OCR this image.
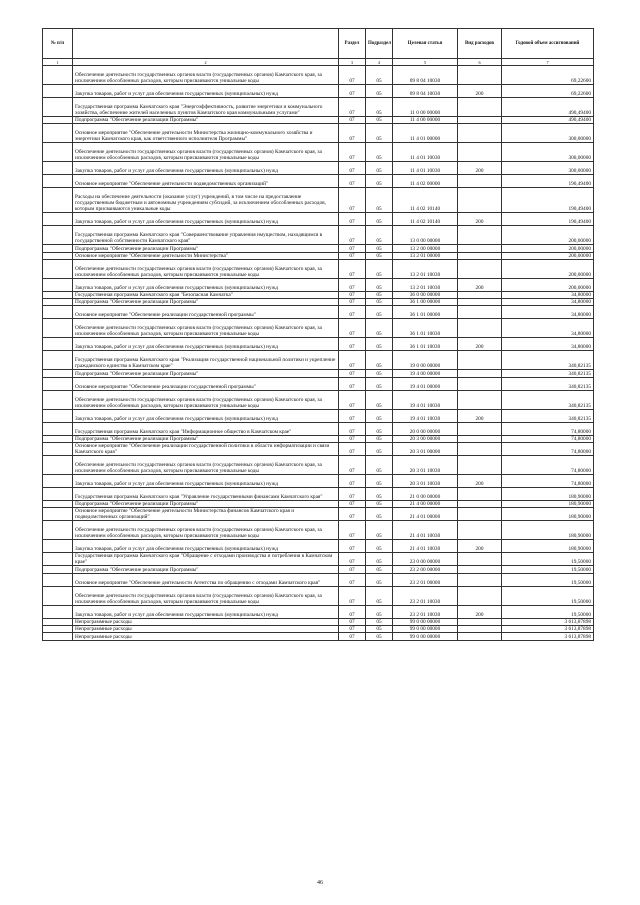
№ п/п		Раздел	Подраздел	Целевая статья	Вид расходов	Годовой объем ассигнований
1	2	3	4	5	6	7
	Обеспечение деятельности государственных органов власти (государственных органов) Камчатского края, за исключением обособленных расходов, которым присваиваются уникальные коды	07	05	09 8 04 10030		69,22600
	Закупка товаров, работ и услуг для обеспечения государственных (муниципальных) нужд	07	05	09 8 04 10030	200	69,22600
	Государственная программа Камчатского края "Энергоэффективность, развитие энергетики и коммунального хозяйства, обеспечение жителей населенных пунктов Камчатского края коммунальными услугами"	07	05	11 0 00 00000		490,49400
	Подпрограмма "Обеспечение реализации Программы"	07	05	11 4 00 00000		490,49400
	Основное мероприятие "Обеспечение деятельности Министерства жилищно-коммунального хозяйства и энергетики Камчатского края, как ответственного исполнителя Программы"	07	05	11 4 01 00000		300,00000
	Обеспечение деятельности государственных органов власти (государственных органов) Камчатского края, за исключением обособленных расходов, которым присваиваются уникальные коды	07	05	11 4 01 10030		300,00000
	Закупка товаров, работ и услуг для обеспечения государственных (муниципальных) нужд	07	05	11 4 01 10030	200	300,00000
	Основное мероприятие "Обеспечение деятельности подведомственных организаций"	07	05	11 4 02 00000		190,49400
	Расходы на обеспечение деятельности (оказание услуг) учреждений, в том числе на предоставление государственным бюджетным и автономным учреждениям субсидий, за исключением обособленных расходов, которым присваиваются уникальные коды	07	05	11 4 02 10140		190,49400
	Закупка товаров, работ и услуг для обеспечения государственных (муниципальных) нужд	07	05	11 4 02 10140	200	190,49400
	Государственная программа Камчатского края "Совершенствование управления имуществом, находящимся в государственной собственности Камчатского края"	07	05	13 0 00 00000		200,00000
	Подпрограмма "Обеспечение реализации Программы"	07	05	13 2 00 00000		200,00000
	Основное мероприятие "Обеспечение деятельности Министерства"	07	05	13 2 01 00000		200,00000
	Обеспечение деятельности государственных органов власти (государственных органов) Камчатского края, за исключением обособленных расходов, которым присваиваются уникальные коды	07	05	13 2 01 10030		200,00000
	Закупка товаров, работ и услуг для обеспечения государственных (муниципальных) нужд	07	05	13 2 01 10030	200	200,00000
	Государственная программа Камчатского края "Безопасная Камчатка"	07	05	36 0 00 00000		34,80000
	Подпрограмма "Обеспечение реализации Программы"	07	05	36 1 00 00000		34,80000
	Основное мероприятие "Обеспечение реализации государственной программы"	07	05	36 1 01 00000		34,80000
	Обеспечение деятельности государственных органов власти (государственных органов) Камчатского края, за исключением обособленных расходов, которым присваиваются уникальные коды	07	05	36 1 01 10030		34,80000
	Закупка товаров, работ и услуг для обеспечения государственных (муниципальных) нужд	07	05	36 1 01 10030	200	34,80000
	Государственная программа Камчатского края "Реализация государственной национальной политики и укрепление гражданского единства в Камчатском крае"	07	05	19 0 00 00000		340,82135
	Подпрограмма "Обеспечение реализации Программы"	07	05	19 4 00 00000		340,82135
	Основное мероприятие "Обеспечение реализации государственной программы"	07	05	19 4 01 00000		340,82135
	Обеспечение деятельности государственных органов власти (государственных органов) Камчатского края, за исключением обособленных расходов, которым присваиваются уникальные коды	07	05	19 4 01 10030		340,82135
	Закупка товаров, работ и услуг для обеспечения государственных (муниципальных) нужд	07	05	19 4 01 10030	200	340,82135
	Государственная программа Камчатского края "Информационное общество в Камчатском крае"	07	05	20 0 00 00000		74,80000
	Подпрограмма "Обеспечение реализации Программы"	07	05	20 3 00 00000		74,80000
	Основное мероприятие "Обеспечение реализации государственной политики в области информатизации и связи Камчатского края"	07	05	20 3 01 00000		74,80000
	Обеспечение деятельности государственных органов власти (государственных органов) Камчатского края, за исключением обособленных расходов, которым присваиваются уникальные коды	07	05	20 3 01 10030		74,80000
	Закупка товаров, работ и услуг для обеспечения государственных (муниципальных) нужд	07	05	20 3 01 10030	200	74,80000
	Государственная программа Камчатского края "Управление государственными финансами Камчатского края"	07	05	21 0 00 00000		180,90000
	Подпрограмма "Обеспечение реализации Программы"	07	05	21 4 00 00000		180,90000
	Основное мероприятие "Обеспечение деятельности Министерства финансов Камчатского края и подведомственных организаций"	07	05	21 4 01 00000		180,90000
	Обеспечение деятельности государственных органов власти (государственных органов) Камчатского края, за исключением обособленных расходов, которым присваиваются уникальные коды	07	05	21 4 01 10030		180,90000
	Закупка товаров, работ и услуг для обеспечения государственных (муниципальных) нужд	07	05	21 4 01 10030	200	180,90000
	Государственная программа Камчатского края "Обращение с отходами производства и потребления в Камчатском крае"	07	05	23 0 00 00000		19,50000
	Подпрограмма "Обеспечение реализации Программы"	07	05	23 2 00 00000		19,50000
	Основное мероприятие "Обеспечение деятельности Агентства по обращению с отходами Камчатского края"	07	05	23 2 01 00000		19,50000
	Обеспечение деятельности государственных органов власти (государственных органов) Камчатского края, за исключением обособленных расходов, которым присваиваются уникальные коды	07	05	23 2 01 10030		19,50000
	Закупка товаров, работ и услуг для обеспечения государственных (муниципальных) нужд	07	05	23 2 01 10030	200	19,50000
	Непрограммные расходы	07	05	99 0 00 00000		3 613,87898
	Непрограммные расходы	07	05	99 0 00 00000		3 613,87898
	Непрограммные расходы	07	05	99 0 00 00000		3 613,87898
46
